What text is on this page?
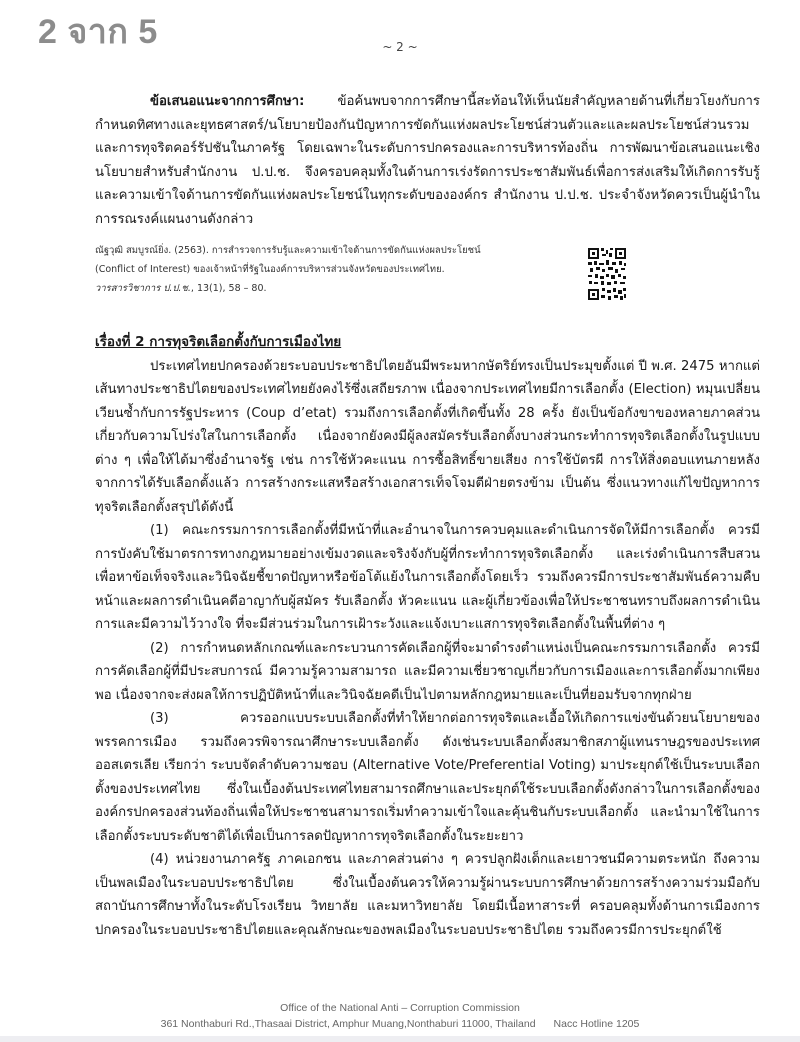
2 จาก 5	~ 2 ~

ข้อเสนอแนะจากการศึกษา:	ข้อค้นพบจากการศึกษานี้สะท้อนให้เห็นนัยสำคัญหลายด้านที่เกี่ยวโยงกับการกำหนดทิศทางและยุทธศาสตร์/นโยบายป้องกันปัญหาการขัดกันแห่งผลประโยชน์ส่วนตัวและและผลประโยชน์ส่วนรวม และการทุจริตคอร์รัปชันในภาครัฐ โดยเฉพาะในระดับการปกครองและการบริหารท้องถิ่น การพัฒนาข้อเสนอแนะเชิงนโยบายสำหรับสำนักงาน ป.ป.ช. จึงครอบคลุมทั้งในด้านการเร่งรัดการประชาสัมพันธ์เพื่อการส่งเสริมให้เกิดการรับรู้และความเข้าใจด้านการขัดกันแห่งผลประโยชน์ในทุกระดับขององค์กร สำนักงาน ป.ป.ช. ประจำจังหวัดควรเป็นผู้นำในการรณรงค์แผนงานดังกล่าว

ณัฐวุฒิ สมบูรณ์ยิ่ง. (2563). การสำรวจการรับรู้และความเข้าใจด้านการขัดกันแห่งผลประโยชน์
(Conflict of Interest) ของเจ้าหน้าที่รัฐในองค์การบริหารส่วนจังหวัดของประเทศไทย.
วารสารวิชาการ ป.ป.ช., 13(1), 58 – 80.
เรื่องที่ 2 การทุจริตเลือกตั้งกับการเมืองไทย

ประเทศไทยปกครองด้วยระบอบประชาธิปไตยอันมีพระมหากษัตริย์ทรงเป็นประมุขตั้งแต่ ปี พ.ศ. 2475 หากแต่เส้นทางประชาธิปไตยของประเทศไทยยังคงไร้ซึ่งเสถียรภาพ เนื่องจากประเทศไทยมีการเลือกตั้ง (Election) หมุนเปลี่ยนเวียนซ้ำกับการรัฐประหาร (Coup d’etat) รวมถึงการเลือกตั้งที่เกิดขึ้นทั้ง 28 ครั้ง ยังเป็นข้อกังขาของหลายภาคส่วนเกี่ยวกับความโปร่งใสในการเลือกตั้ง เนื่องจากยังคงมีผู้ลงสมัครรับเลือกตั้งบางส่วนกระทำการทุจริตเลือกตั้งในรูปแบบต่าง ๆ เพื่อให้ได้มาซึ่งอำนาจรัฐ เช่น การใช้หัวคะแนน การซื้อสิทธิ์ขายเสียง การใช้บัตรผี การให้สิ่งตอบแทนภายหลังจากการได้รับเลือกตั้งแล้ว การสร้างกระแสหรือสร้างเอกสารเท็จโจมตีฝ่ายตรงข้าม เป็นต้น ซึ่งแนวทางแก้ไขปัญหาการทุจริตเลือกตั้งสรุปได้ดังนี้

(1) คณะกรรมการการเลือกตั้งที่มีหน้าที่และอำนาจในการควบคุมและดำเนินการจัดให้มีการเลือกตั้ง ควรมีการบังคับใช้มาตรการทางกฎหมายอย่างเข้มงวดและจริงจังกับผู้ที่กระทำการทุจริตเลือกตั้ง และเร่งดำเนินการสืบสวนเพื่อหาข้อเท็จจริงและวินิจฉัยชี้ขาดปัญหาหรือข้อโต้แย้งในการเลือกตั้งโดยเร็ว รวมถึงควรมีการประชาสัมพันธ์ความคืบหน้าและผลการดำเนินคดีอาญากับผู้สมัคร รับเลือกตั้ง หัวคะแนน และผู้เกี่ยวข้องเพื่อให้ประชาชนทราบถึงผลการดำเนินการและมีความไว้วางใจ ที่จะมีส่วนร่วมในการเฝ้าระวังและแจ้งเบาะแสการทุจริตเลือกตั้งในพื้นที่ต่าง ๆ

(2) การกำหนดหลักเกณฑ์และกระบวนการคัดเลือกผู้ที่จะมาดำรงตำแหน่งเป็นคณะกรรมการเลือกตั้ง ควรมีการคัดเลือกผู้ที่มีประสบการณ์ มีความรู้ความสามารถ และมีความเชี่ยวชาญเกี่ยวกับการเมืองและการเลือกตั้งมากเพียงพอ เนื่องจากจะส่งผลให้การปฏิบัติหน้าที่และวินิจฉัยคดีเป็นไปตามหลักกฎหมายและเป็นที่ยอมรับจากทุกฝ่าย

(3) ควรออกแบบระบบเลือกตั้งที่ทำให้ยากต่อการทุจริตและเอื้อให้เกิดการแข่งขันด้วยนโยบายของพรรคการเมือง รวมถึงควรพิจารณาศึกษาระบบเลือกตั้ง ดังเช่นระบบเลือกตั้งสมาชิกสภาผู้แทนราษฎรของประเทศออสเตรเลีย เรียกว่า ระบบจัดลำดับความชอบ (Alternative Vote/Preferential Voting) มาประยุกต์ใช้เป็นระบบเลือกตั้งของประเทศไทย ซึ่งในเบื้องต้นประเทศไทยสามารถศึกษาและประยุกต์ใช้ระบบเลือกตั้งดังกล่าวในการเลือกตั้งขององค์กรปกครองส่วนท้องถิ่นเพื่อให้ประชาชนสามารถเริ่มทำความเข้าใจและคุ้นชินกับระบบเลือกตั้ง และนำมาใช้ในการเลือกตั้งระบบระดับชาติได้เพื่อเป็นการลดปัญหาการทุจริตเลือกตั้งในระยะยาว

(4) หน่วยงานภาครัฐ ภาคเอกชน และภาคส่วนต่าง ๆ ควรปลูกฝังเด็กและเยาวชนมีความตระหนัก ถึงความเป็นพลเมืองในระบอบประชาธิปไตย ซึ่งในเบื้องต้นควรให้ความรู้ผ่านระบบการศึกษาด้วยการสร้างความร่วมมือกับสถาบันการศึกษาทั้งในระดับโรงเรียน วิทยาลัย และมหาวิทยาลัย โดยมีเนื้อหาสาระที่ ครอบคลุมทั้งด้านการเมืองการปกครองในระบอบประชาธิปไตยและคุณลักษณะของพลเมืองในระบอบประชาธิปไตย รวมถึงควรมีการประยุกต์ใช้

Office of the National Anti – Corruption Commission
361 Nonthaburi Rd.,Thasaai District, Amphur Muang,Nonthaburi 11000, Thailand Nacc Hotline 1205
